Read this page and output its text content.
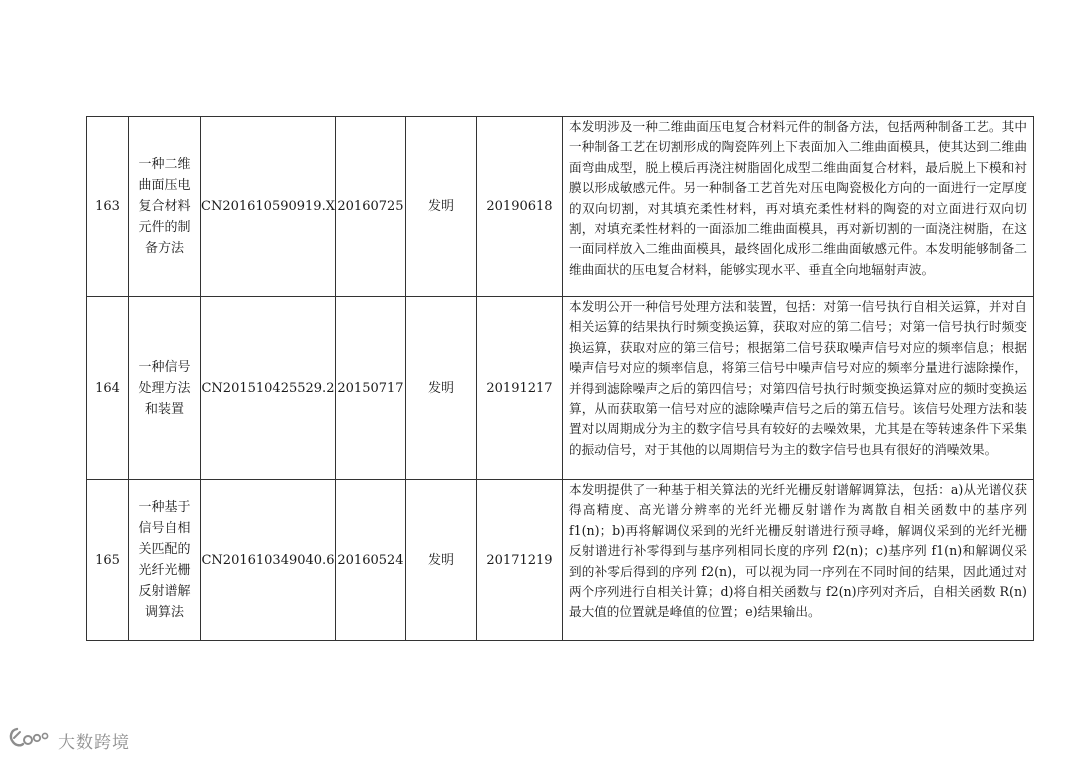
163	一种二维曲面压电复合材料元件的制备方法	CN201610590919.X	20160725	发明	20190618	本发明涉及一种二维曲面压电复合材料元件的制备方法，包括两种制备工艺。其中一种制备工艺在切割形成的陶瓷阵列上下表面加入二维曲面模具，使其达到二维曲面弯曲成型，脱上模后再浇注树脂固化成型二维曲面复合材料，最后脱上下模和衬膜以形成敏感元件。另一种制备工艺首先对压电陶瓷极化方向的一面进行一定厚度的双向切割，对其填充柔性材料，再对填充柔性材料的陶瓷的对立面进行双向切割，对填充柔性材料的一面添加二维曲面模具，再对新切割的一面浇注树脂，在这一面同样放入二维曲面模具，最终固化成形二维曲面敏感元件。本发明能够制备二维曲面状的压电复合材料，能够实现水平、垂直全向地辐射声波。
164	一种信号处理方法和装置	CN201510425529.2	20150717	发明	20191217	本发明公开一种信号处理方法和装置，包括：对第一信号执行自相关运算，并对自相关运算的结果执行时频变换运算，获取对应的第二信号；对第一信号执行时频变换运算，获取对应的第三信号；根据第二信号获取噪声信号对应的频率信息；根据噪声信号对应的频率信息，将第三信号中噪声信号对应的频率分量进行滤除操作，并得到滤除噪声之后的第四信号；对第四信号执行时频变换运算对应的频时变换运算，从而获取第一信号对应的滤除噪声信号之后的第五信号。该信号处理方法和装置对以周期成分为主的数字信号具有较好的去噪效果，尤其是在等转速条件下采集的振动信号，对于其他的以周期信号为主的数字信号也具有很好的消噪效果。
165	一种基于信号自相关匹配的光纤光栅反射谱解调算法	CN201610349040.6	20160524	发明	20171219	本发明提供了一种基于相关算法的光纤光栅反射谱解调算法，包括：a)从光谱仪获得高精度、高光谱分辨率的光纤光栅反射谱作为离散自相关函数中的基序列 f1(n)；b)再将解调仪采到的光纤光栅反射谱进行预寻峰，解调仪采到的光纤光栅反射谱进行补零得到与基序列相同长度的序列 f2(n)；c)基序列 f1(n)和解调仪采到的补零后得到的序列 f2(n)，可以视为同一序列在不同时间的结果，因此通过对两个序列进行自相关计算；d)将自相关函数与 f2(n)序列对齐后，自相关函数 R(n)最大值的位置就是峰值的位置；e)结果输出。
大数跨境
